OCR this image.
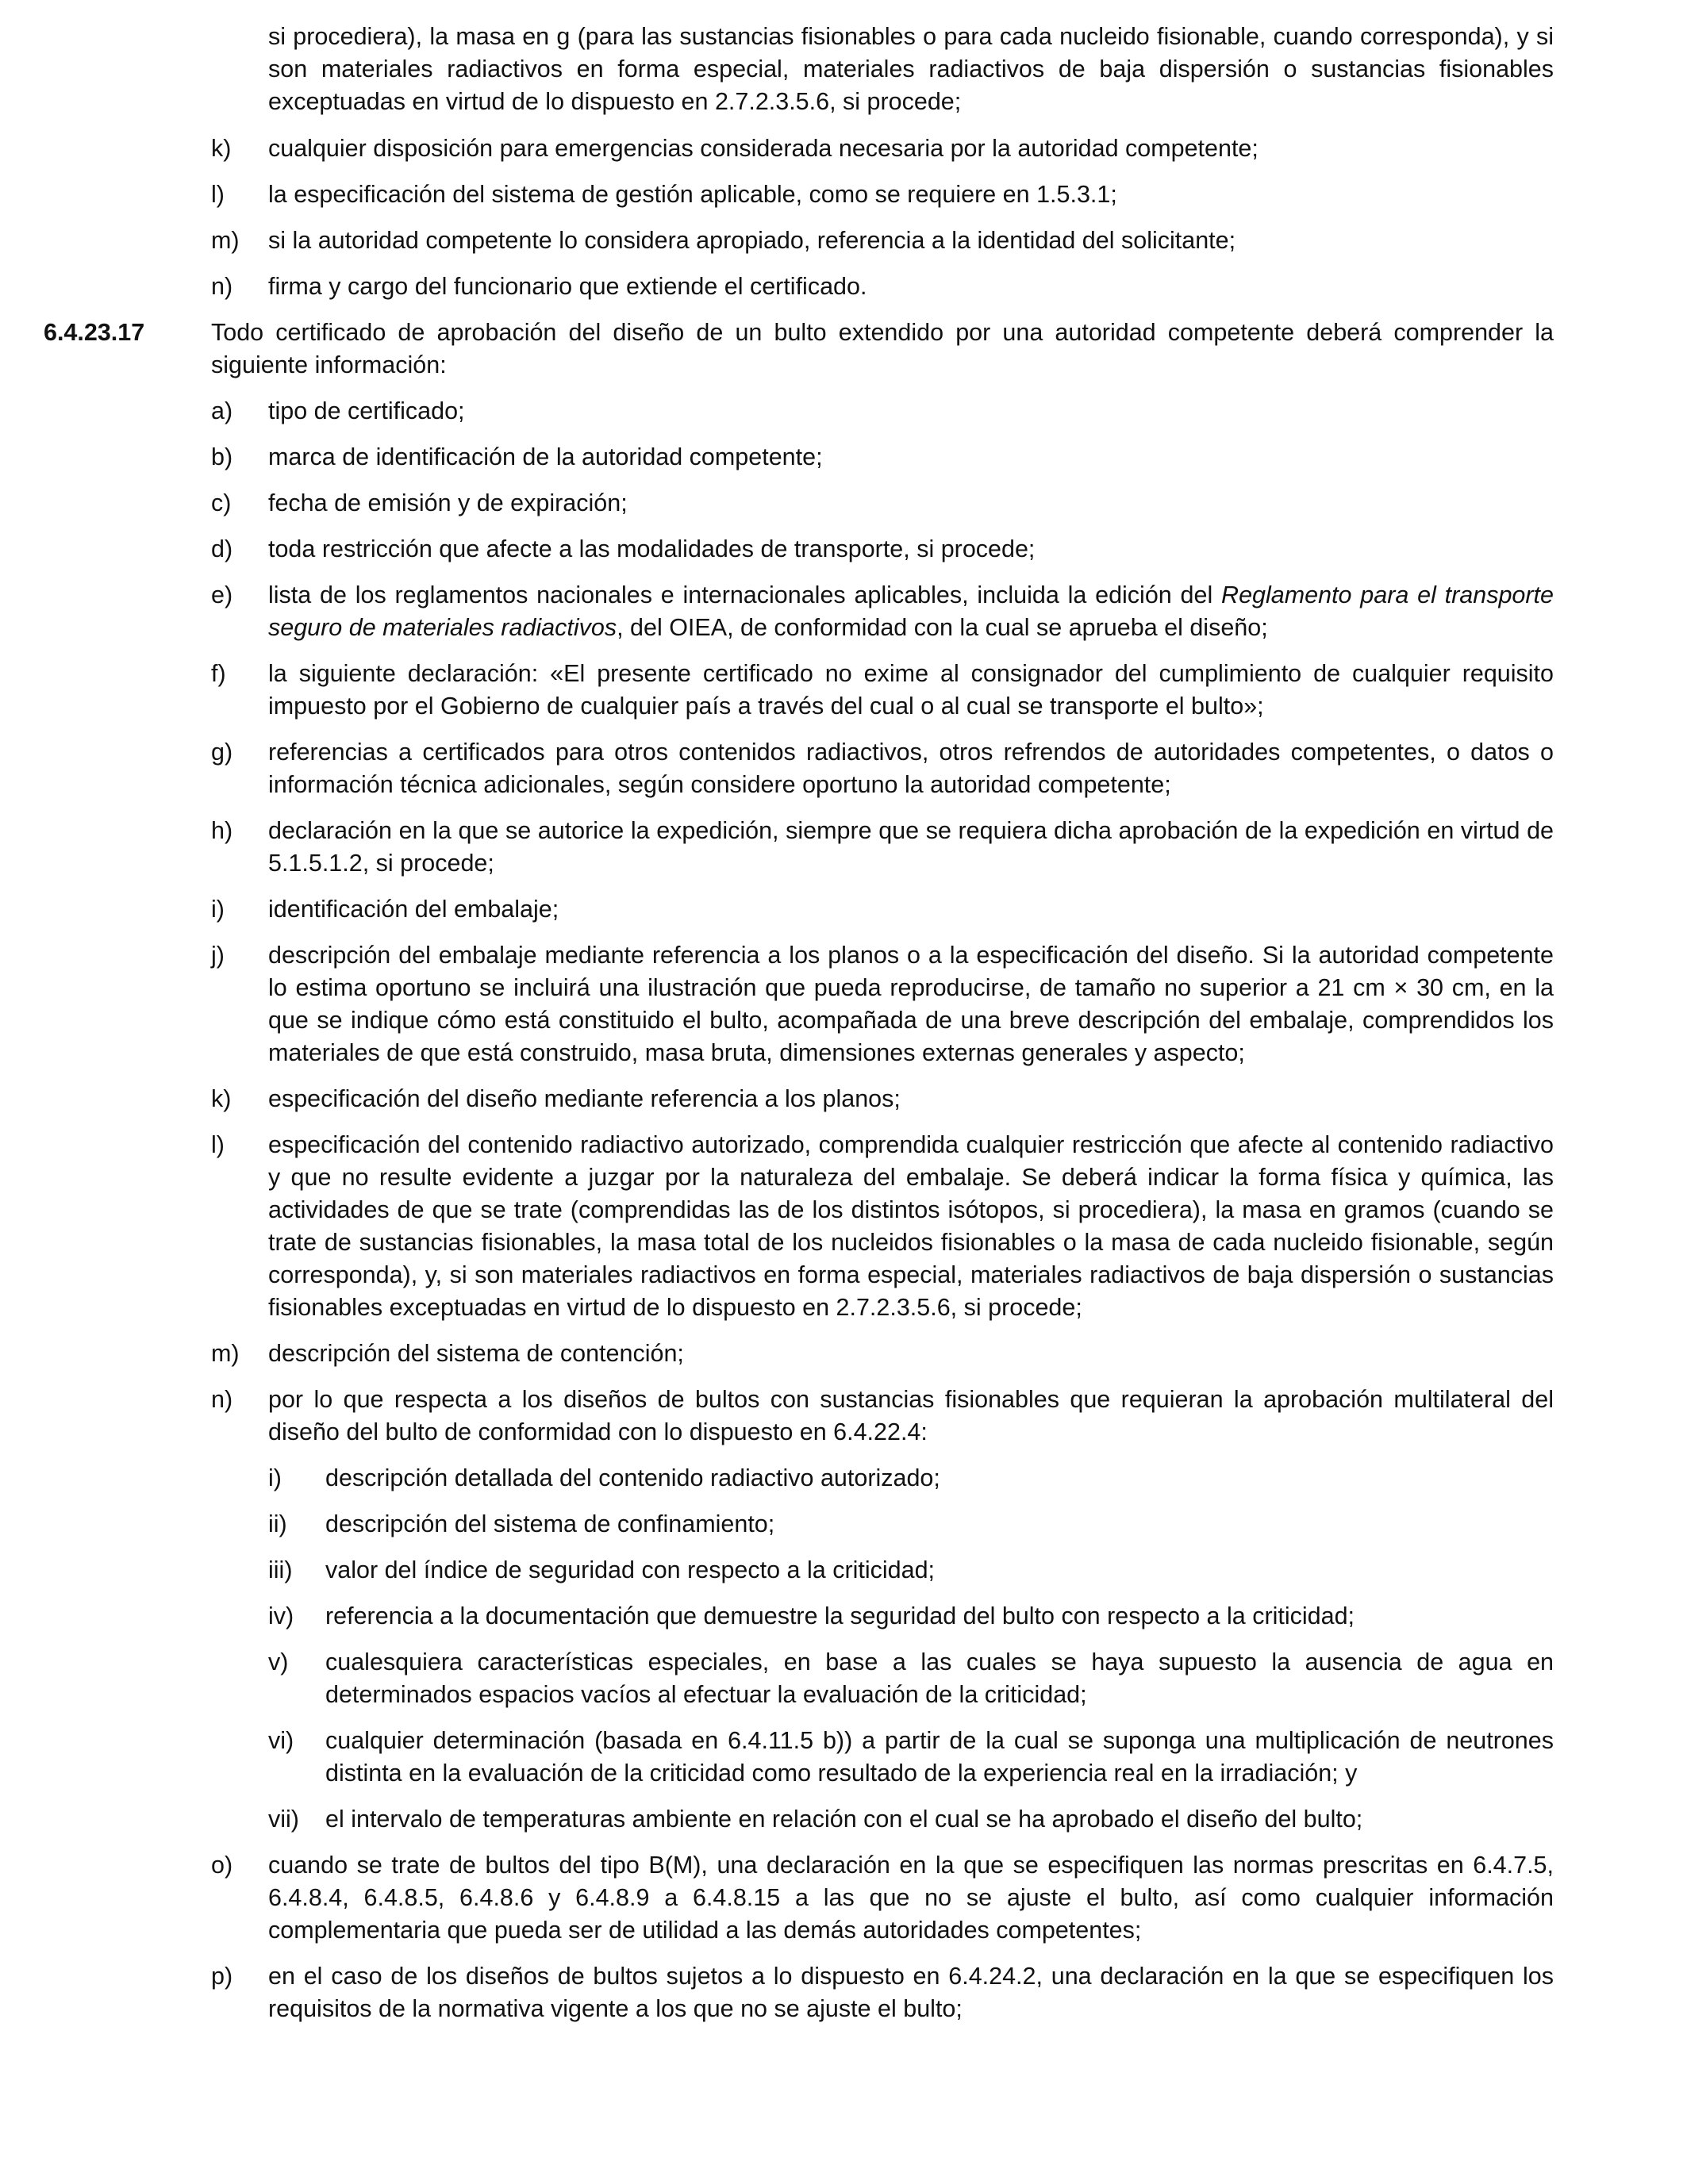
si procediera), la masa en g (para las sustancias fisionables o para cada nucleido fisionable, cuando corresponda), y si son materiales radiactivos en forma especial, materiales radiactivos de baja dispersión o sustancias fisionables exceptuadas en virtud de lo dispuesto en 2.7.2.3.5.6, si procede;
k) cualquier disposición para emergencias considerada necesaria por la autoridad competente;
l) la especificación del sistema de gestión aplicable, como se requiere en 1.5.3.1;
m) si la autoridad competente lo considera apropiado, referencia a la identidad del solicitante;
n) firma y cargo del funcionario que extiende el certificado.
6.4.23.17	Todo certificado de aprobación del diseño de un bulto extendido por una autoridad competente deberá comprender la siguiente información:
a) tipo de certificado;
b) marca de identificación de la autoridad competente;
c) fecha de emisión y de expiración;
d) toda restricción que afecte a las modalidades de transporte, si procede;
e) lista de los reglamentos nacionales e internacionales aplicables, incluida la edición del Reglamento para el transporte seguro de materiales radiactivos, del OIEA, de conformidad con la cual se aprueba el diseño;
f) la siguiente declaración: «El presente certificado no exime al consignador del cumplimiento de cualquier requisito impuesto por el Gobierno de cualquier país a través del cual o al cual se transporte el bulto»;
g) referencias a certificados para otros contenidos radiactivos, otros refrendos de autoridades competentes, o datos o información técnica adicionales, según considere oportuno la autoridad competente;
h) declaración en la que se autorice la expedición, siempre que se requiera dicha aprobación de la expedición en virtud de 5.1.5.1.2, si procede;
i) identificación del embalaje;
j) descripción del embalaje mediante referencia a los planos o a la especificación del diseño. Si la autoridad competente lo estima oportuno se incluirá una ilustración que pueda reproducirse, de tamaño no superior a 21 cm × 30 cm, en la que se indique cómo está constituido el bulto, acompañada de una breve descripción del embalaje, comprendidos los materiales de que está construido, masa bruta, dimensiones externas generales y aspecto;
k) especificación del diseño mediante referencia a los planos;
l) especificación del contenido radiactivo autorizado, comprendida cualquier restricción que afecte al contenido radiactivo y que no resulte evidente a juzgar por la naturaleza del embalaje. Se deberá indicar la forma física y química, las actividades de que se trate (comprendidas las de los distintos isótopos, si procediera), la masa en gramos (cuando se trate de sustancias fisionables, la masa total de los nucleidos fisionables o la masa de cada nucleido fisionable, según corresponda), y, si son materiales radiactivos en forma especial, materiales radiactivos de baja dispersión o sustancias fisionables exceptuadas en virtud de lo dispuesto en 2.7.2.3.5.6, si procede;
m) descripción del sistema de contención;
n) por lo que respecta a los diseños de bultos con sustancias fisionables que requieran la aprobación multilateral del diseño del bulto de conformidad con lo dispuesto en 6.4.22.4:
i) descripción detallada del contenido radiactivo autorizado;
ii) descripción del sistema de confinamiento;
iii) valor del índice de seguridad con respecto a la criticidad;
iv) referencia a la documentación que demuestre la seguridad del bulto con respecto a la criticidad;
v) cualesquiera características especiales, en base a las cuales se haya supuesto la ausencia de agua en determinados espacios vacíos al efectuar la evaluación de la criticidad;
vi) cualquier determinación (basada en 6.4.11.5 b)) a partir de la cual se suponga una multiplicación de neutrones distinta en la evaluación de la criticidad como resultado de la experiencia real en la irradiación; y
vii) el intervalo de temperaturas ambiente en relación con el cual se ha aprobado el diseño del bulto;
o) cuando se trate de bultos del tipo B(M), una declaración en la que se especifiquen las normas prescritas en 6.4.7.5, 6.4.8.4, 6.4.8.5, 6.4.8.6 y 6.4.8.9 a 6.4.8.15 a las que no se ajuste el bulto, así como cualquier información complementaria que pueda ser de utilidad a las demás autoridades competentes;
p) en el caso de los diseños de bultos sujetos a lo dispuesto en 6.4.24.2, una declaración en la que se especifiquen los requisitos de la normativa vigente a los que no se ajuste el bulto;
